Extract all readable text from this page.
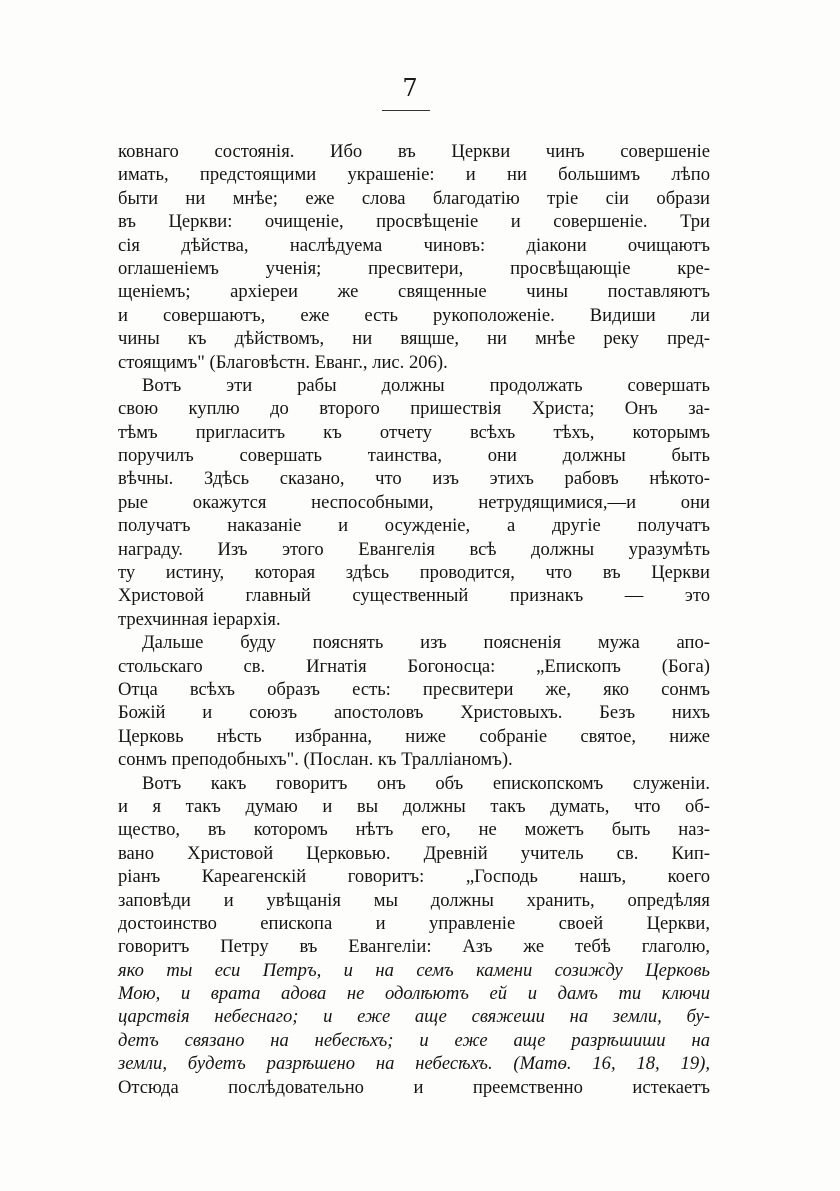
7
ковнаго состоянія. Ибо въ Церкви чинъ совершеніе
имать, предстоящими украшеніе: и ни большимъ лѣпо
быти ни мнѣе; еже слова благодатію тріе сіи образи
въ Церкви: очищеніе, просвѣщеніе и совершеніе. Три
сія дѣйства, наслѣдуема чиновъ: діакони очищаютъ
оглашеніемъ ученія; пресвитери, просвѣщающіе кре-
щеніемъ; архіереи же священные чины поставляютъ
и совершаютъ, еже есть рукоположеніе. Видиши ли
чины къ дѣйствомъ, ни вящше, ни мнѣе реку пред-
стоящимъ" (Благовѣстн. Еванг., лис. 206).
Вотъ эти рабы должны продолжать совершать
свою куплю до второго пришествія Христа; Онъ за-
тѣмъ пригласитъ къ отчету всѣхъ тѣхъ, которымъ
поручилъ совершать таинства, они должны быть
вѣчны. Здѣсь сказано, что изъ этихъ рабовъ нѣкото-
рые окажутся неспособными, нетрудящимися,—и они
получатъ наказаніе и осужденіе, а другіе получатъ
награду. Изъ этого Евангелія всѣ должны уразумѣть
ту истину, которая здѣсь проводится, что въ Церкви
Христовой главный существенный признакъ — это
трехчинная іерархія.
Дальше буду пояснять изъ поясненія мужа апо-
стольскаго св. Игнатія Богоносца: „Епископъ (Бога)
Отца всѣхъ образъ есть: пресвитери же, яко сонмъ
Божій и союзъ апостоловъ Христовыхъ. Безъ нихъ
Церковь нѣсть избранна, ниже собраніе святое, ниже
сонмъ преподобныхъ". (Послан. къ Тралліаномъ).
Вотъ какъ говоритъ онъ объ епископскомъ служеніи.
и я такъ думаю и вы должны такъ думать, что об-
щество, въ которомъ нѣтъ его, не можетъ быть наз-
вано Христовой Церковью. Древній учитель св. Кип-
ріанъ Кареагенскій говоритъ: „Господь нашъ, коего
заповѣди и увѣщанія мы должны хранить, опредѣляя
достоинство епископа и управленіе своей Церкви,
говоритъ Петру въ Евангеліи: Азъ же тебѣ глаголю,
яко ты еси Петръ, и на семъ камени созижду Церковь
Мою, и врата адова не одолѣютъ ей и дамъ ти ключи
царствія небеснаго; и еже аще свяжеши на земли, бу-
детъ связано на небесѣхъ; и еже аще разрѣшиши на
земли, будетъ разрѣшено на небесѣхъ. (Матѳ. 16, 18, 19),
Отсюда послѣдовательно и преемственно истекаетъ
